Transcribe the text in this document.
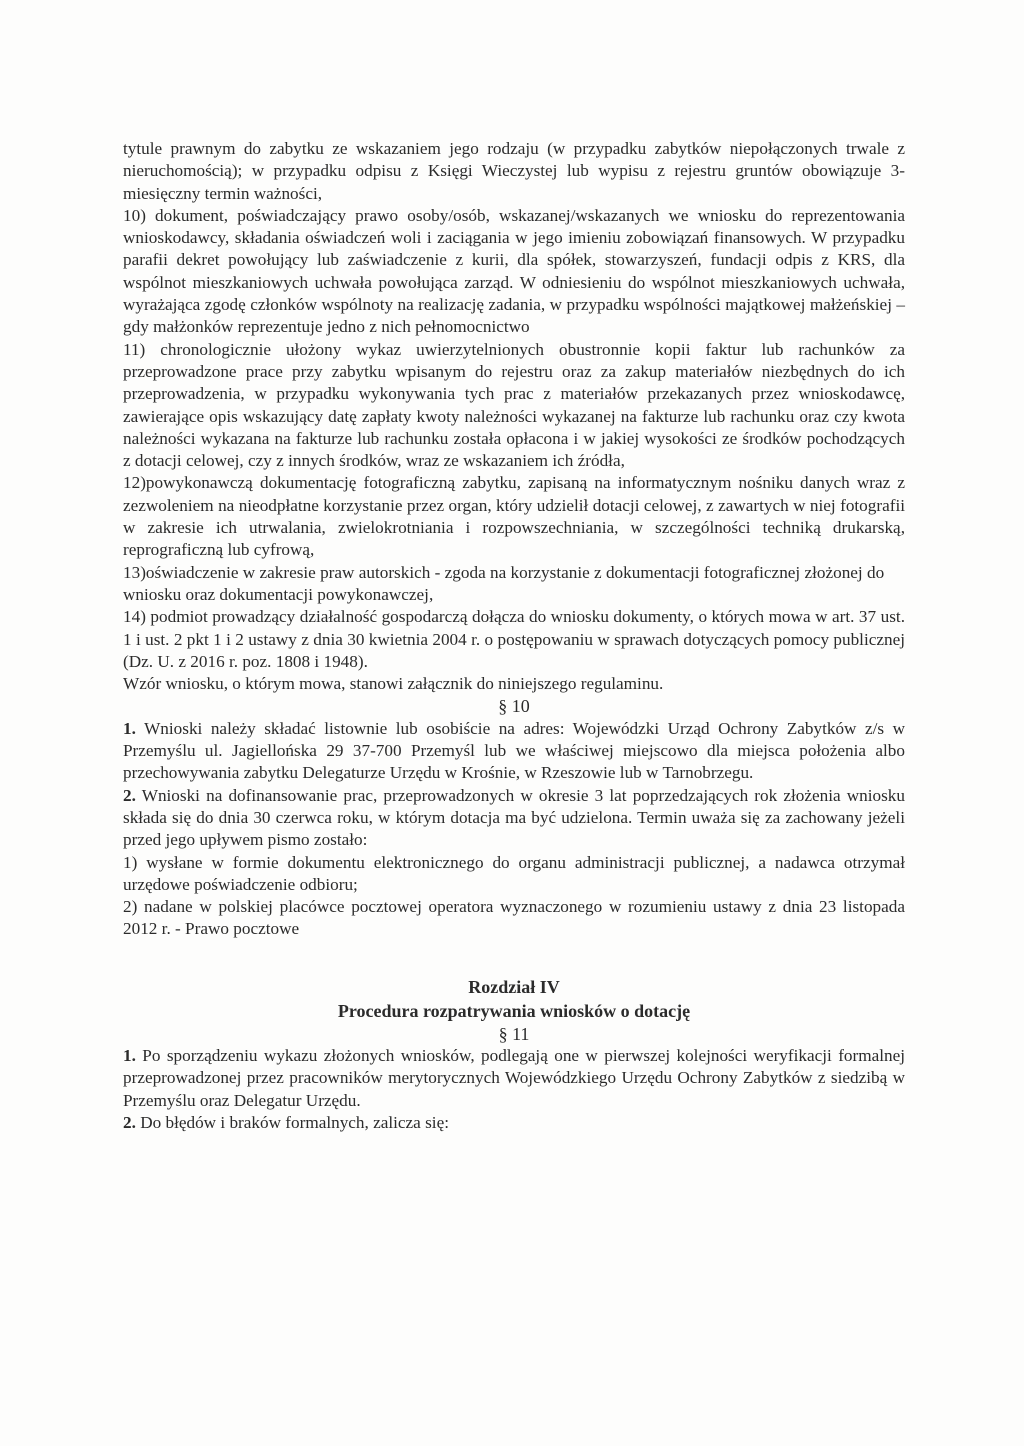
tytule prawnym do zabytku ze wskazaniem jego rodzaju (w przypadku zabytków niepołączonych trwale z nieruchomością); w przypadku odpisu z Księgi Wieczystej lub wypisu z rejestru gruntów obowiązuje 3-miesięczny termin ważności,

10) dokument, poświadczający prawo osoby/osób, wskazanej/wskazanych we wniosku do reprezentowania wnioskodawcy, składania oświadczeń woli i zaciągania w jego imieniu zobowiązań finansowych. W przypadku parafii dekret powołujący lub zaświadczenie z kurii, dla spółek, stowarzyszeń, fundacji odpis z KRS, dla wspólnot mieszkaniowych uchwała powołująca zarząd. W odniesieniu do wspólnot mieszkaniowych uchwała, wyrażająca zgodę członków wspólnoty na realizację zadania, w przypadku wspólności majątkowej małżeńskiej – gdy małżonków reprezentuje jedno z nich pełnomocnictwo

11) chronologicznie ułożony wykaz uwierzytelnionych obustronnie kopii faktur lub rachunków za przeprowadzone prace przy zabytku wpisanym do rejestru oraz za zakup materiałów niezbędnych do ich przeprowadzenia, w przypadku wykonywania tych prac z materiałów przekazanych przez wnioskodawcę, zawierające opis wskazujący datę zapłaty kwoty należności wykazanej na fakturze lub rachunku oraz czy kwota należności wykazana na fakturze lub rachunku została opłacona i w jakiej wysokości ze środków pochodzących z dotacji celowej, czy z innych środków, wraz ze wskazaniem ich źródła,

12)powykonawczą dokumentację fotograficzną zabytku, zapisaną na informatycznym nośniku danych wraz z zezwoleniem na nieodpłatne korzystanie przez organ, który udzielił dotacji celowej, z zawartych w niej fotografii w zakresie ich utrwalania, zwielokrotniania i rozpowszechniania, w szczególności techniką drukarską, reprograficzną lub cyfrową,

13)oświadczenie w zakresie praw autorskich - zgoda na korzystanie z dokumentacji fotograficznej złożonej do wniosku oraz dokumentacji powykonawczej,

14) podmiot prowadzący działalność gospodarczą dołącza do wniosku dokumenty, o których mowa w art. 37 ust. 1 i ust. 2 pkt 1 i 2 ustawy z dnia 30 kwietnia 2004 r. o postępowaniu w sprawach dotyczących pomocy publicznej (Dz. U. z 2016 r. poz. 1808 i 1948).

Wzór wniosku, o którym mowa, stanowi załącznik do niniejszego regulaminu.

§ 10

1. Wnioski należy składać listownie lub osobiście na adres: Wojewódzki Urząd Ochrony Zabytków z/s w Przemyślu ul. Jagiellońska 29 37-700 Przemyśl lub we właściwej miejscowo dla miejsca położenia albo przechowywania zabytku Delegaturze Urzędu w Krośnie, w Rzeszowie lub w Tarnobrzegu.

2. Wnioski na dofinansowanie prac, przeprowadzonych w okresie 3 lat poprzedzających rok złożenia wniosku składa się do dnia 30 czerwca roku, w którym dotacja ma być udzielona. Termin uważa się za zachowany jeżeli przed jego upływem pismo zostało:

1) wysłane w formie dokumentu elektronicznego do organu administracji publicznej, a nadawca otrzymał urzędowe poświadczenie odbioru;

2) nadane w polskiej placówce pocztowej operatora wyznaczonego w rozumieniu ustawy z dnia 23 listopada 2012 r. - Prawo pocztowe

Rozdział IV

Procedura rozpatrywania wniosków o dotację

§ 11

1. Po sporządzeniu wykazu złożonych wniosków, podlegają one w pierwszej kolejności weryfikacji formalnej przeprowadzonej przez pracowników merytorycznych Wojewódzkiego Urzędu Ochrony Zabytków z siedzibą w Przemyślu oraz Delegatur Urzędu.

2. Do błędów i braków formalnych, zalicza się:
